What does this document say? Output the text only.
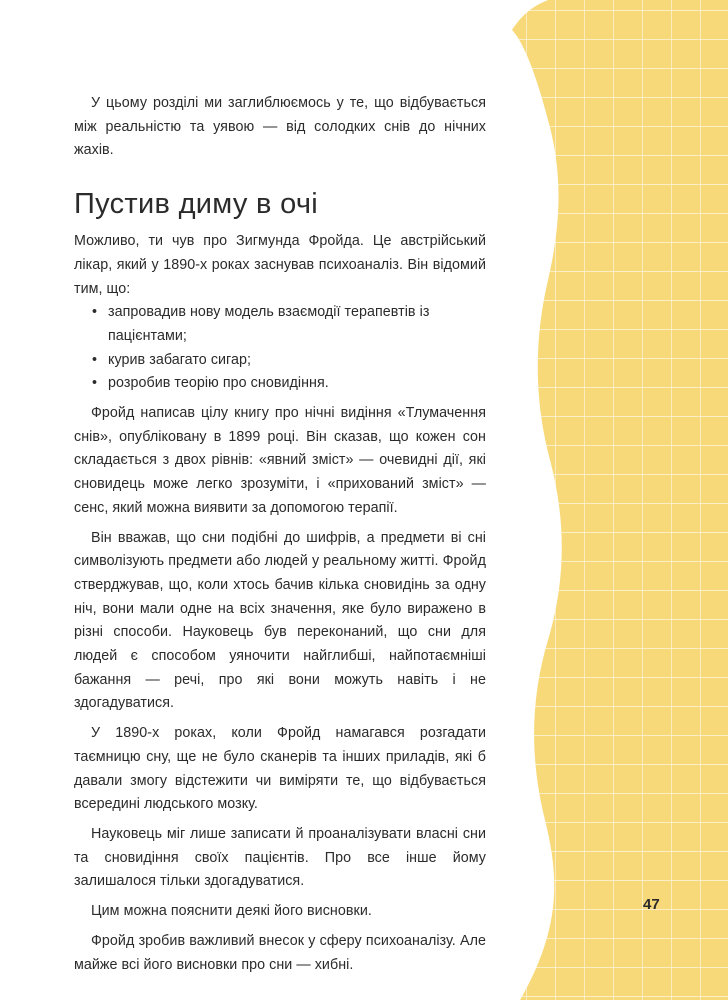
У цьому розділі ми заглиблюємось у те, що відбувається між реальністю та уявою — від солодких снів до нічних жахів.

Пустив диму в очі

Можливо, ти чув про Зигмунда Фройда. Це австрійський лікар, який у 1890-х роках заснував психоаналіз. Він відомий тим, що:

• запровадив нову модель взаємодії терапевтів із пацієнтами;

• курив забагато сигар;

• розробив теорію про сновидіння.

Фройд написав цілу книгу про нічні видіння «Тлумачення снів», опубліковану в 1899 році. Він сказав, що кожен сон складається з двох рівнів: «явний зміст» — очевидні дії, які сновидець може легко зрозуміти, і «прихований зміст» — сенс, який можна виявити за допомогою терапії.

Він вважав, що сни подібні до шифрів, а предмети ві сні символізують предмети або людей у реальному житті. Фройд стверджував, що, коли хтось бачив кілька сновидінь за одну ніч, вони мали одне на всіх значення, яке було виражено в різні способи. Науковець був переконаний, що сни для людей є способом уяночити найглибші, найпотаємніші бажання — речі, про які вони можуть навіть і не здогадуватися.

У 1890-х роках, коли Фройд намагався розгадати таємницю сну, ще не було сканерів та інших приладів, які б давали змогу відстежити чи виміряти те, що відбувається всередині людського мозку.

Науковець міг лише записати й проаналізувати власні сни та сновидіння своїх пацієнтів. Про все інше йому залишалося тільки здогадуватися.

Цим можна пояснити деякі його висновки.

Фройд зробив важливий внесок у сферу психоаналізу. Але майже всі його висновки про сни — хибні.

47
